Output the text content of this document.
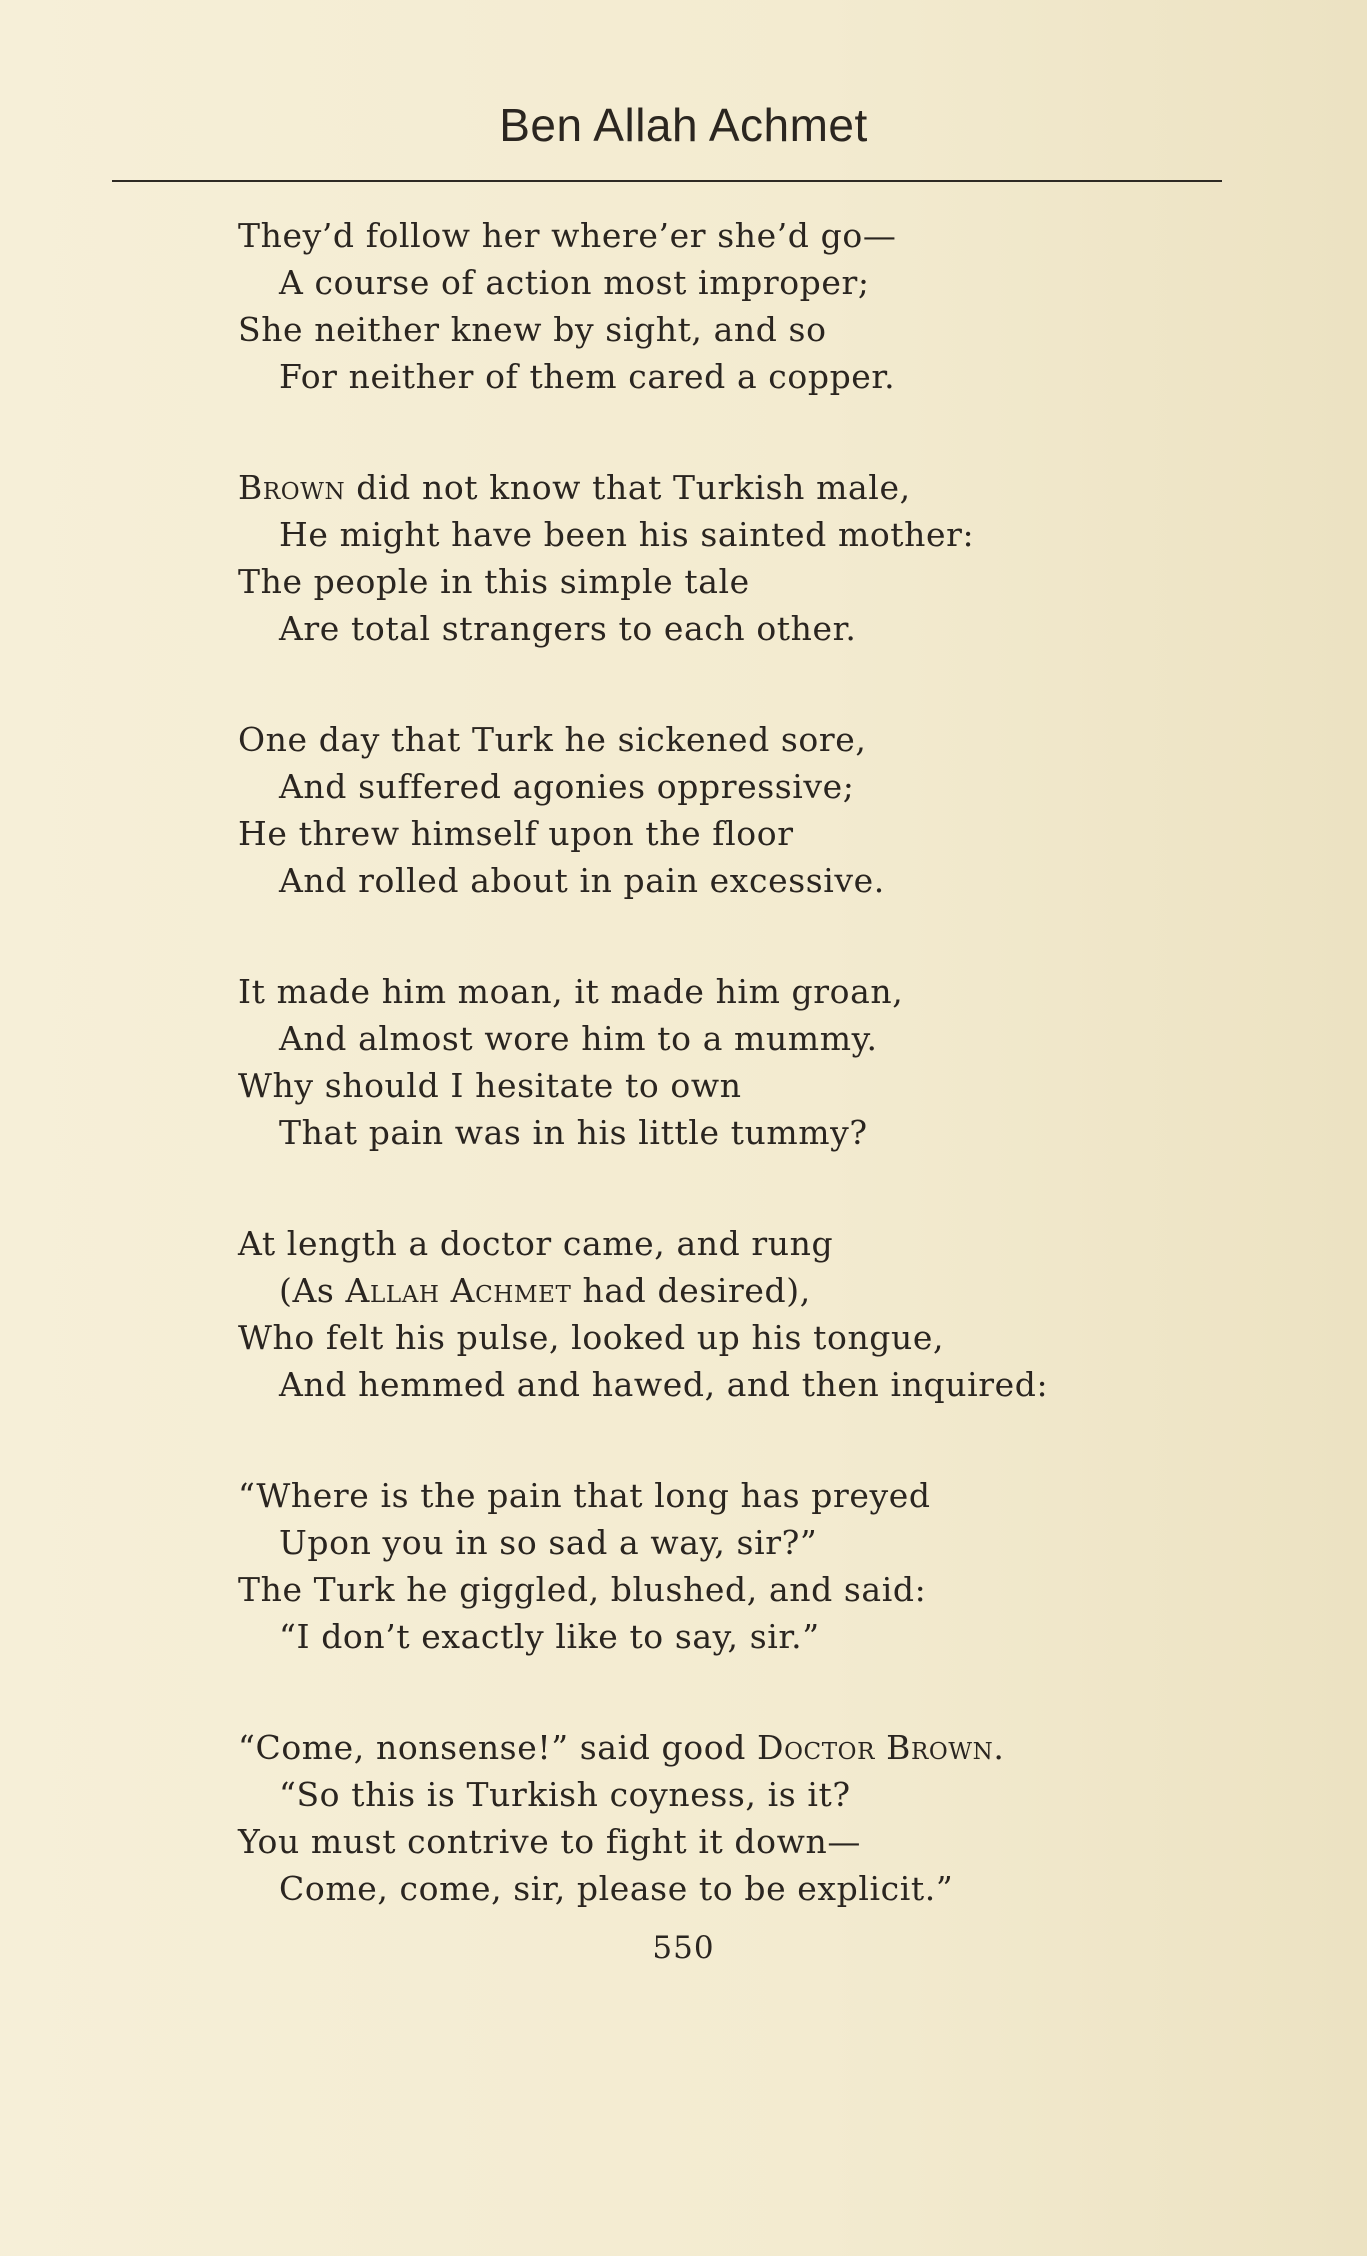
Ben Allah Achmet
They’d follow her where’er she’d go—
A course of action most improper;
She neither knew by sight, and so
For neither of them cared a copper.
Brown did not know that Turkish male,
He might have been his sainted mother:
The people in this simple tale
Are total strangers to each other.
One day that Turk he sickened sore,
And suffered agonies oppressive;
He threw himself upon the floor
And rolled about in pain excessive.
It made him moan, it made him groan,
And almost wore him to a mummy.
Why should I hesitate to own
That pain was in his little tummy?
At length a doctor came, and rung
(As Allah Achmet had desired),
Who felt his pulse, looked up his tongue,
And hemmed and hawed, and then inquired:
“Where is the pain that long has preyed
Upon you in so sad a way, sir?”
The Turk he giggled, blushed, and said:
“I don’t exactly like to say, sir.”
“Come, nonsense!” said good Doctor Brown.
“So this is Turkish coyness, is it?
You must contrive to fight it down—
Come, come, sir, please to be explicit.”
550
